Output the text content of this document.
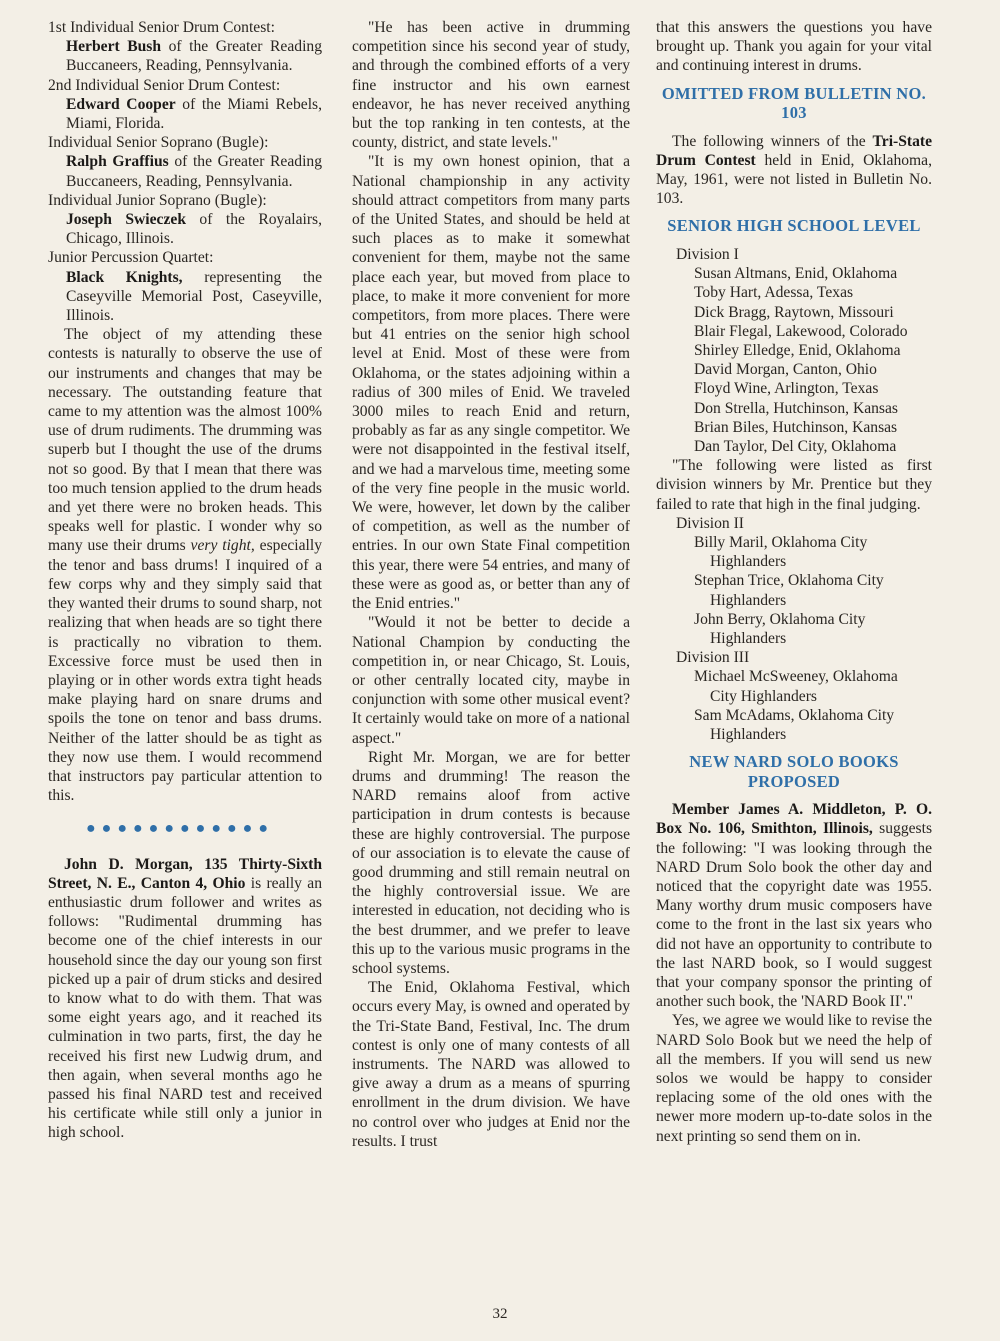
1st Individual Senior Drum Contest:

Herbert Bush of the Greater Reading Buccaneers, Reading, Pennsylvania.

2nd Individual Senior Drum Contest:

Edward Cooper of the Miami Rebels, Miami, Florida.

Individual Senior Soprano (Bugle):

Ralph Graffius of the Greater Reading Buccaneers, Reading, Pennsylvania.

Individual Junior Soprano (Bugle):

Joseph Swieczek of the Royalairs, Chicago, Illinois.

Junior Percussion Quartet:

Black Knights, representing the Caseyville Memorial Post, Caseyville, Illinois.

The object of my attending these contests is naturally to observe the use of our instruments and changes that may be necessary. The outstanding feature that came to my attention was the almost 100% use of drum rudiments. The drumming was superb but I thought the use of the drums not so good. By that I mean that there was too much tension applied to the drum heads and yet there were no broken heads. This speaks well for plastic. I wonder why so many use their drums very tight, especially the tenor and bass drums! I inquired of a few corps why and they simply said that they wanted their drums to sound sharp, not realizing that when heads are so tight there is practically no vibration to them. Excessive force must be used then in playing or in other words extra tight heads make playing hard on snare drums and spoils the tone on tenor and bass drums. Neither of the latter should be as tight as they now use them. I would recommend that instructors pay particular attention to this.

●●●●●●●●●●●●

John D. Morgan, 135 Thirty-Sixth Street, N. E., Canton 4, Ohio is really an enthusiastic drum follower and writes as follows: "Rudimental drumming has become one of the chief interests in our household since the day our young son first picked up a pair of drum sticks and desired to know what to do with them. That was some eight years ago, and it reached its culmination in two parts, first, the day he received his first new Ludwig drum, and then again, when several months ago he passed his final NARD test and received his certificate while still only a junior in high school.

"He has been active in drumming competition since his second year of study, and through the combined efforts of a very fine instructor and his own earnest endeavor, he has never received anything but the top ranking in ten contests, at the county, district, and state levels."

"It is my own honest opinion, that a National championship in any activity should attract competitors from many parts of the United States, and should be held at such places as to make it somewhat convenient for them, maybe not the same place each year, but moved from place to place, to make it more convenient for more competitors, from more places. There were but 41 entries on the senior high school level at Enid. Most of these were from Oklahoma, or the states adjoining within a radius of 300 miles of Enid. We traveled 3000 miles to reach Enid and return, probably as far as any single competitor. We were not disappointed in the festival itself, and we had a marvelous time, meeting some of the very fine people in the music world. We were, however, let down by the caliber of competition, as well as the number of entries. In our own State Final competition this year, there were 54 entries, and many of these were as good as, or better than any of the Enid entries."

"Would it not be better to decide a National Champion by conducting the competition in, or near Chicago, St. Louis, or other centrally located city, maybe in conjunction with some other musical event? It certainly would take on more of a national aspect."

Right Mr. Morgan, we are for better drums and drumming! The reason the NARD remains aloof from active participation in drum contests is because these are highly controversial. The purpose of our association is to elevate the cause of good drumming and still remain neutral on the highly controversial issue. We are interested in education, not deciding who is the best drummer, and we prefer to leave this up to the various music programs in the school systems.

The Enid, Oklahoma Festival, which occurs every May, is owned and operated by the Tri-State Band, Festival, Inc. The drum contest is only one of many contests of all instruments. The NARD was allowed to give away a drum as a means of spurring enrollment in the drum division. We have no control over who judges at Enid nor the results. I trust

that this answers the questions you have brought up. Thank you again for your vital and continuing interest in drums.

OMITTED FROM BULLETIN NO. 103

The following winners of the Tri-State Drum Contest held in Enid, Oklahoma, May, 1961, were not listed in Bulletin No. 103.

SENIOR HIGH SCHOOL LEVEL

Division I

Susan Altmans, Enid, Oklahoma
Toby Hart, Adessa, Texas
Dick Bragg, Raytown, Missouri
Blair Flegal, Lakewood, Colorado
Shirley Elledge, Enid, Oklahoma
David Morgan, Canton, Ohio
Floyd Wine, Arlington, Texas
Don Strella, Hutchinson, Kansas
Brian Biles, Hutchinson, Kansas
Dan Taylor, Del City, Oklahoma

"The following were listed as first division winners by Mr. Prentice but they failed to rate that high in the final judging.

Division II

Billy Maril, Oklahoma City
Highlanders
Stephan Trice, Oklahoma City
Highlanders
John Berry, Oklahoma City
Highlanders

Division III

Michael McSweeney, Oklahoma
City Highlanders
Sam McAdams, Oklahoma City
Highlanders
NEW NARD SOLO BOOKS PROPOSED

Member James A. Middleton, P. O. Box No. 106, Smithton, Illinois, suggests the following: "I was looking through the NARD Drum Solo book the other day and noticed that the copyright date was 1955. Many worthy drum music composers have come to the front in the last six years who did not have an opportunity to contribute to the last NARD book, so I would suggest that your company sponsor the printing of another such book, the 'NARD Book II'."

Yes, we agree we would like to revise the NARD Solo Book but we need the help of all the members. If you will send us new solos we would be happy to consider replacing some of the old ones with the newer more modern up-to-date solos in the next printing so send them on in.

32
